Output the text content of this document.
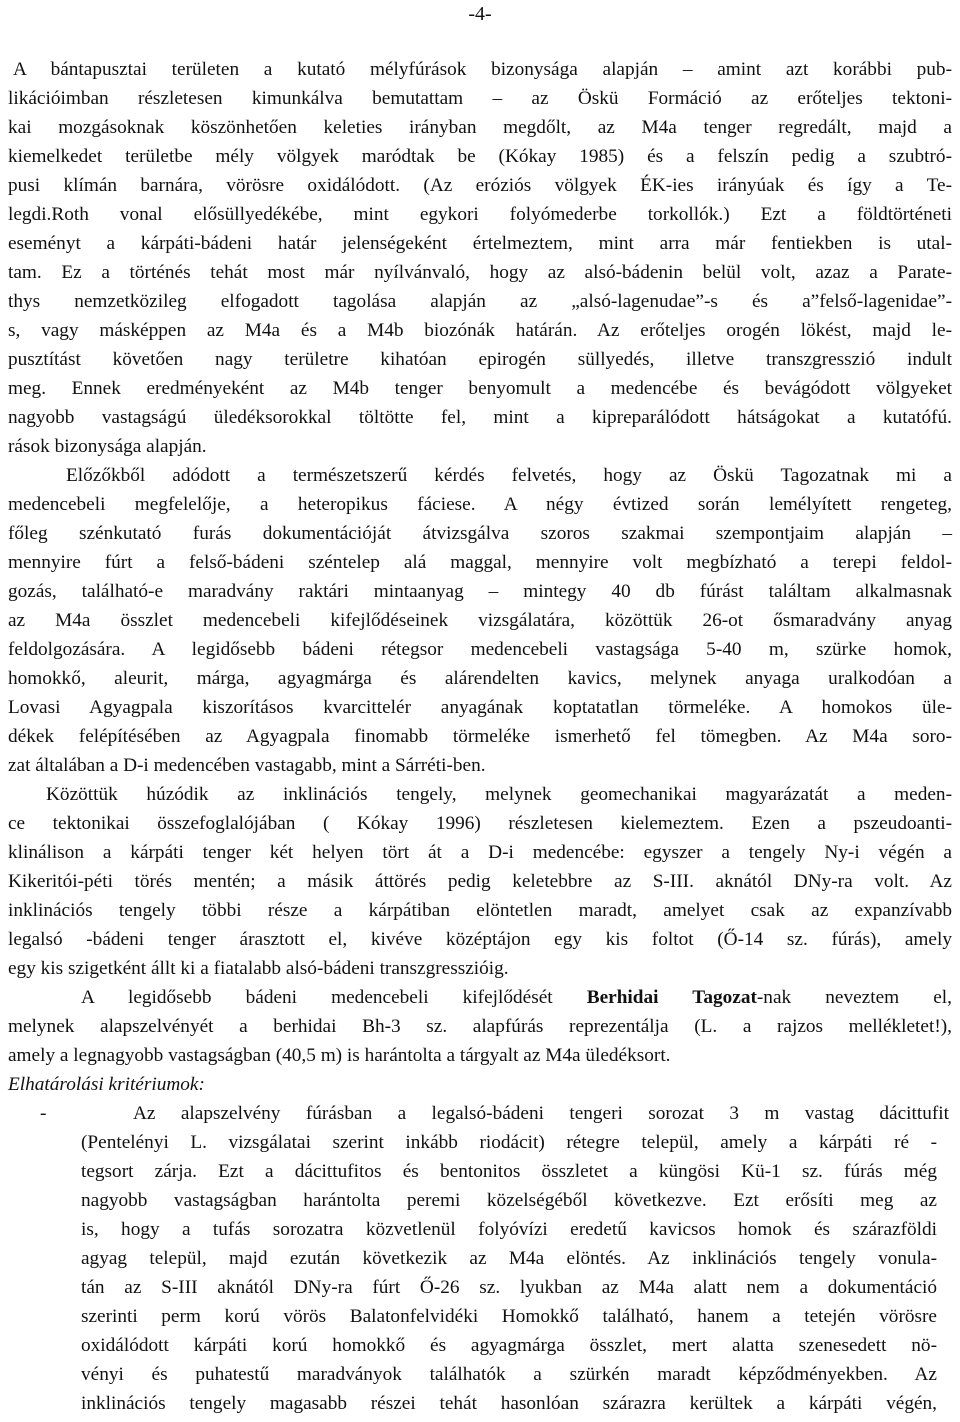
-4-
A bántapusztai területen a kutató mélyfúrások bizonysága alapján – amint azt korábbi pub-
likációimban részletesen kimunkálva bemutattam – az Öskü Formáció az erőteljes tektoni-
kai mozgásoknak köszönhetően keleties irányban megdőlt, az M4a tenger regredált, majd a
kiemelkedet területbe mély völgyek maródtak be (Kókay 1985) és a felszín pedig a szubtró-
pusi klímán barnára, vörösre oxidálódott. (Az eróziós völgyek ÉK-ies irányúak és így a Te-
legdi.Roth vonal elősüllyedékébe, mint egykori folyómederbe torkollók.) Ezt a földtörténeti
eseményt a kárpáti-bádeni határ jelenségeként értelmeztem, mint arra már fentiekben is utal-
tam. Ez a történés tehát most már nyílvánvaló, hogy az alsó-bádenin belül volt, azaz a Parate-
thys nemzetközileg elfogadott tagolása alapján az „alsó-lagenudae”-s és a”felső-lagenidae”-
s, vagy másképpen az M4a és a M4b biozónák határán. Az erőteljes orogén lökést, majd le-
pusztítást követően nagy területre kihatóan epirogén süllyedés, illetve transzgresszió indult
meg. Ennek eredményeként az M4b tenger benyomult a medencébe és bevágódott völgyeket
nagyobb vastagságú üledéksorokkal töltötte fel, mint a kipreparálódott hátságokat a kutatófú.
rások bizonysága alapján.
Előzőkből adódott a természetszerű kérdés felvetés, hogy az Öskü Tagozatnak mi a
medencebeli megfelelője, a heteropikus fáciese. A négy évtized során lemélyített rengeteg,
főleg szénkutató furás dokumentációját átvizsgálva szoros szakmai szempontjaim alapján –
mennyire fúrt a felső-bádeni széntelep alá maggal, mennyire volt megbízható a terepi feldol-
gozás, található-e maradvány raktári mintaanyag – mintegy 40 db fúrást találtam alkalmasnak
az M4a összlet medencebeli kifejlődéseinek vizsgálatára, közöttük 26-ot ősmaradvány anyag
feldolgozására. A legidősebb bádeni rétegsor medencebeli vastagsága 5-40 m, szürke homok,
homokkő, aleurit, márga, agyagmárga és alárendelten kavics, melynek anyaga uralkodóan a
Lovasi Agyagpala kiszorításos kvarcittelér anyagának koptatatlan törmeléke. A homokos üle-
dékek felépítésében az Agyagpala finomabb törmeléke ismerhető fel tömegben. Az M4a soro-
zat általában a D-i medencében vastagabb, mint a Sárréti-ben.
Közöttük húzódik az inklinációs tengely, melynek geomechanikai magyarázatát a meden-
ce tektonikai összefoglalójában ( Kókay 1996) részletesen kielemeztem. Ezen a pszeudoanti-
klinálison a kárpáti tenger két helyen tört át a D-i medencébe: egyszer a tengely Ny-i végén a
Kikeritói-péti törés mentén; a másik áttörés pedig keletebbre az S-III. aknától DNy-ra volt. Az
inklinációs tengely többi része a kárpátiban elöntetlen maradt, amelyet csak az expanzívabb
legalsó -bádeni tenger árasztott el, kivéve középtájon egy kis foltot (Ő-14 sz. fúrás), amely
egy kis szigetként állt ki a fiatalabb alsó-bádeni transzgresszióig.
A legidősebb bádeni medencebeli kifejlődését Berhidai Tagozat-nak neveztem el,
melynek alapszelvényét a berhidai Bh-3 sz. alapfúrás reprezentálja (L. a rajzos mellékletet!),
amely a legnagyobb vastagságban (40,5 m) is harántolta a tárgyalt az M4a üledéksort.
Elhatárolási kritériumok:
-	Az alapszelvény fúrásban a legalsó-bádeni tengeri sorozat 3 m vastag dácittufit
(Pentelényi L. vizsgálatai szerint inkább riodácit) rétegre települ, amely a kárpáti ré -
tegsort zárja. Ezt a dácittufitos és bentonitos összletet a küngösi Kü-1 sz. fúrás még
nagyobb vastagságban harántolta peremi közelségéből következve. Ezt erősíti meg az
is, hogy a tufás sorozatra közvetlenül folyóvízi eredetű kavicsos homok és szárazföldi
agyag települ, majd ezután következik az M4a elöntés. Az inklinációs tengely vonula-
tán az S-III aknától DNy-ra fúrt Ő-26 sz. lyukban az M4a alatt nem a dokumentáció
szerinti perm korú vörös Balatonfelvidéki Homokkő található, hanem a tetején vörösre
oxidálódott kárpáti korú homokkő és agyagmárga összlet, mert alatta szenesedett nö-
vényi és puhatestű maradványok találhatók a szürkén maradt képződményekben. Az
inklinációs tengely magasabb részei tehát hasonlóan szárazra kerültek a kárpáti végén,
